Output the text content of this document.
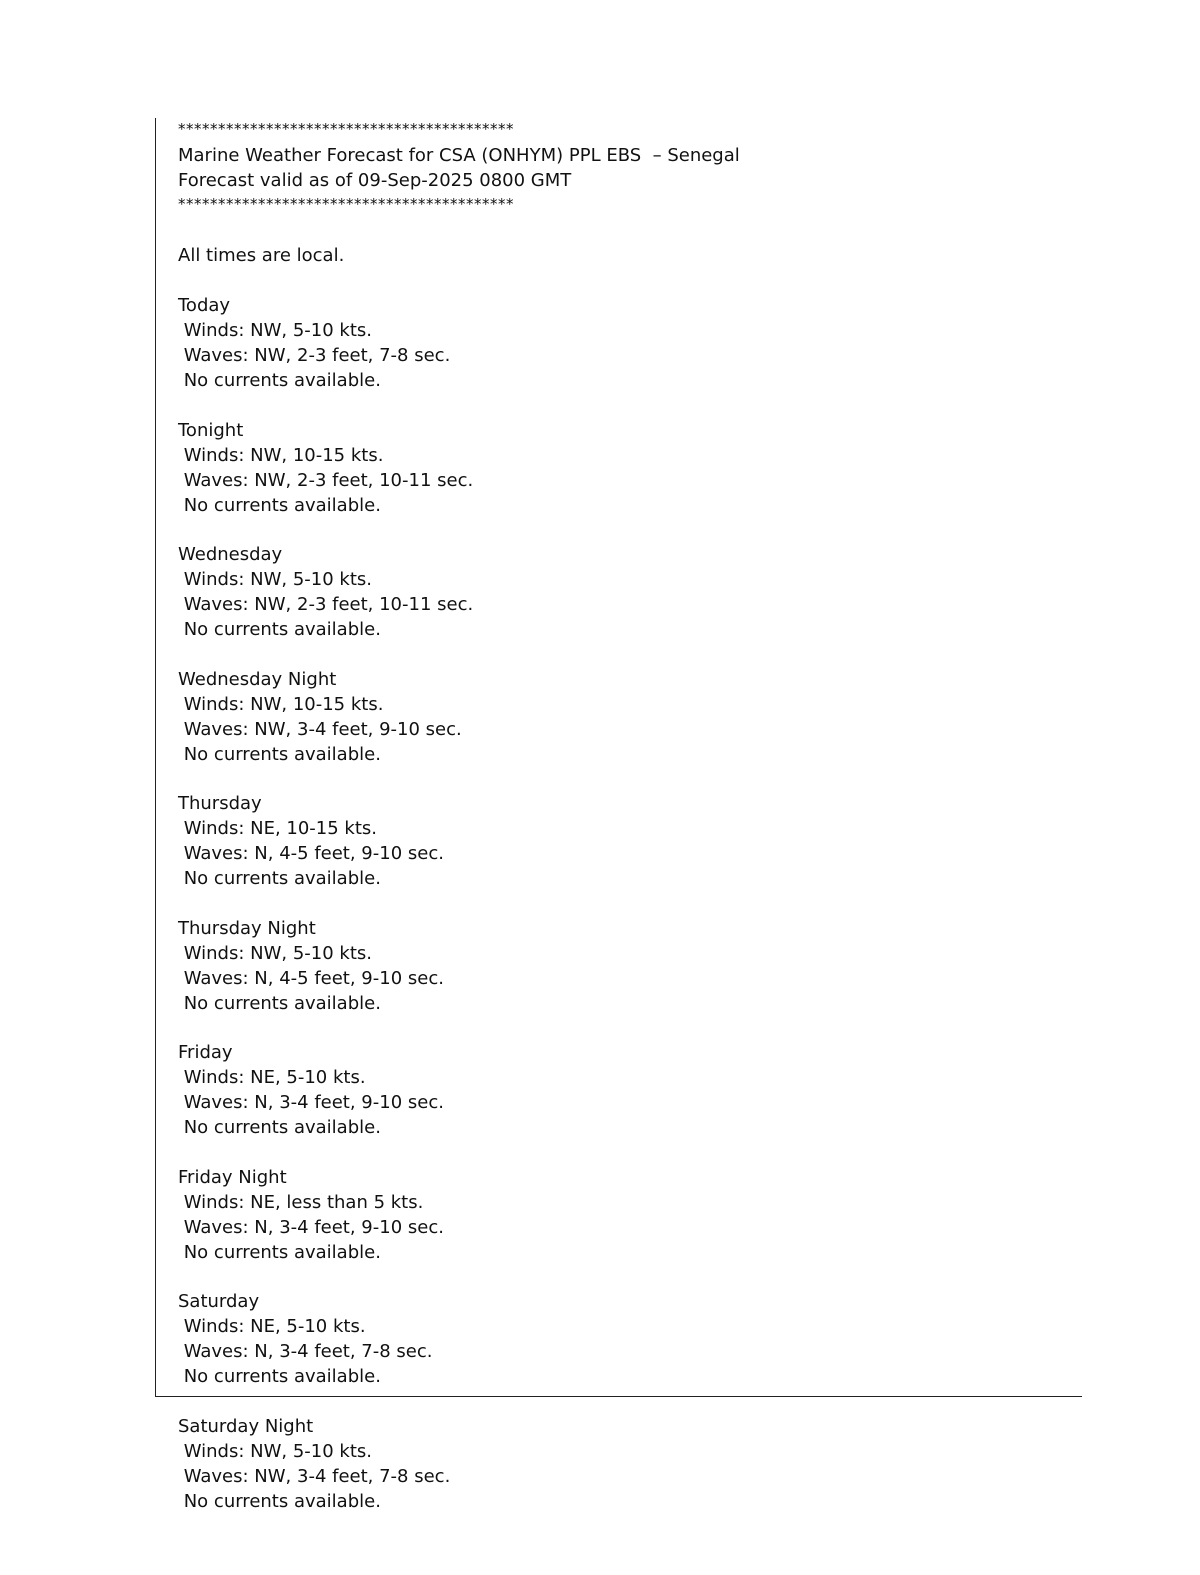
******************************************
Marine Weather Forecast for CSA (ONHYM) PPL EBS  – Senegal
Forecast valid as of 09-Sep-2025 0800 GMT
******************************************
All times are local.
Today
Winds: NW, 5-10 kts.
Waves: NW, 2-3 feet, 7-8 sec.
No currents available.
Tonight
Winds: NW, 10-15 kts.
Waves: NW, 2-3 feet, 10-11 sec.
No currents available.
Wednesday
Winds: NW, 5-10 kts.
Waves: NW, 2-3 feet, 10-11 sec.
No currents available.
Wednesday Night
Winds: NW, 10-15 kts.
Waves: NW, 3-4 feet, 9-10 sec.
No currents available.
Thursday
Winds: NE, 10-15 kts.
Waves: N, 4-5 feet, 9-10 sec.
No currents available.
Thursday Night
Winds: NW, 5-10 kts.
Waves: N, 4-5 feet, 9-10 sec.
No currents available.
Friday
Winds: NE, 5-10 kts.
Waves: N, 3-4 feet, 9-10 sec.
No currents available.
Friday Night
Winds: NE, less than 5 kts.
Waves: N, 3-4 feet, 9-10 sec.
No currents available.
Saturday
Winds: NE, 5-10 kts.
Waves: N, 3-4 feet, 7-8 sec.
No currents available.
Saturday Night
Winds: NW, 5-10 kts.
Waves: NW, 3-4 feet, 7-8 sec.
No currents available.
